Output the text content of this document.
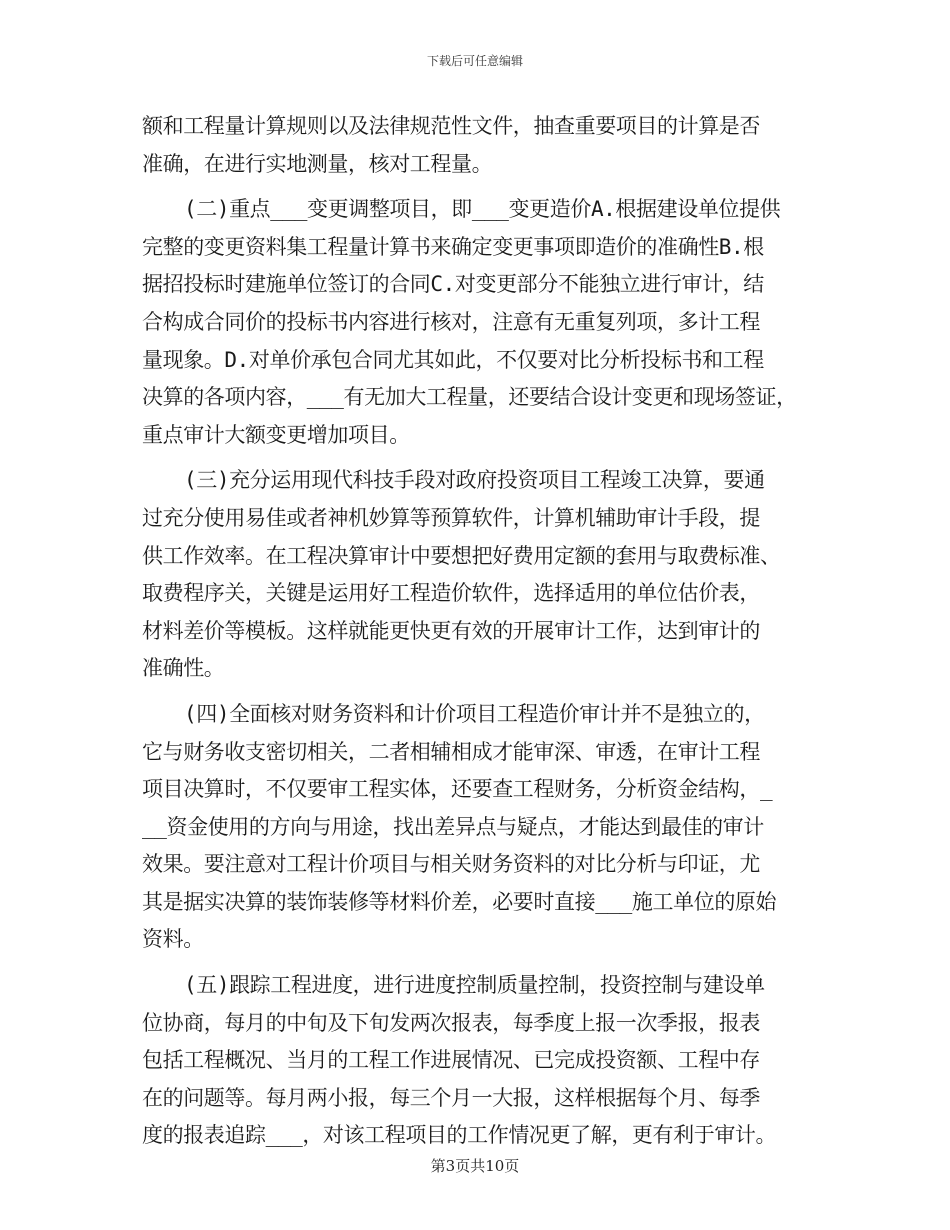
下载后可任意编辑
额和工程量计算规则以及法律规范性文件，抽查重要项目的计算是否
准确，在进行实地测量，核对工程量。
(二)重点___变更调整项目，即___变更造价A.根据建设单位提供
完整的变更资料集工程量计算书来确定变更事项即造价的准确性B.根
据招投标时建施单位签订的合同C.对变更部分不能独立进行审计，结
合构成合同价的投标书内容进行核对，注意有无重复列项，多计工程
量现象。D.对单价承包合同尤其如此，不仅要对比分析投标书和工程
决算的各项内容，___有无加大工程量，还要结合设计变更和现场签证，
重点审计大额变更增加项目。
(三)充分运用现代科技手段对政府投资项目工程竣工决算，要通
过充分使用易佳或者神机妙算等预算软件，计算机辅助审计手段，提
供工作效率。在工程决算审计中要想把好费用定额的套用与取费标准、
取费程序关，关键是运用好工程造价软件，选择适用的单位估价表，
材料差价等模板。这样就能更快更有效的开展审计工作，达到审计的
准确性。
(四)全面核对财务资料和计价项目工程造价审计并不是独立的，
它与财务收支密切相关，二者相辅相成才能审深、审透，在审计工程
项目决算时，不仅要审工程实体，还要查工程财务，分析资金结构，_
__资金使用的方向与用途，找出差异点与疑点，才能达到最佳的审计
效果。要注意对工程计价项目与相关财务资料的对比分析与印证，尤
其是据实决算的装饰装修等材料价差，必要时直接___施工单位的原始
资料。
(五)跟踪工程进度，进行进度控制质量控制，投资控制与建设单
位协商，每月的中旬及下旬发两次报表，每季度上报一次季报，报表
包括工程概况、当月的工程工作进展情况、已完成投资额、工程中存
在的问题等。每月两小报，每三个月一大报，这样根据每个月、每季
度的报表追踪___，对该工程项目的工作情况更了解，更有利于审计。
第3页共10页
